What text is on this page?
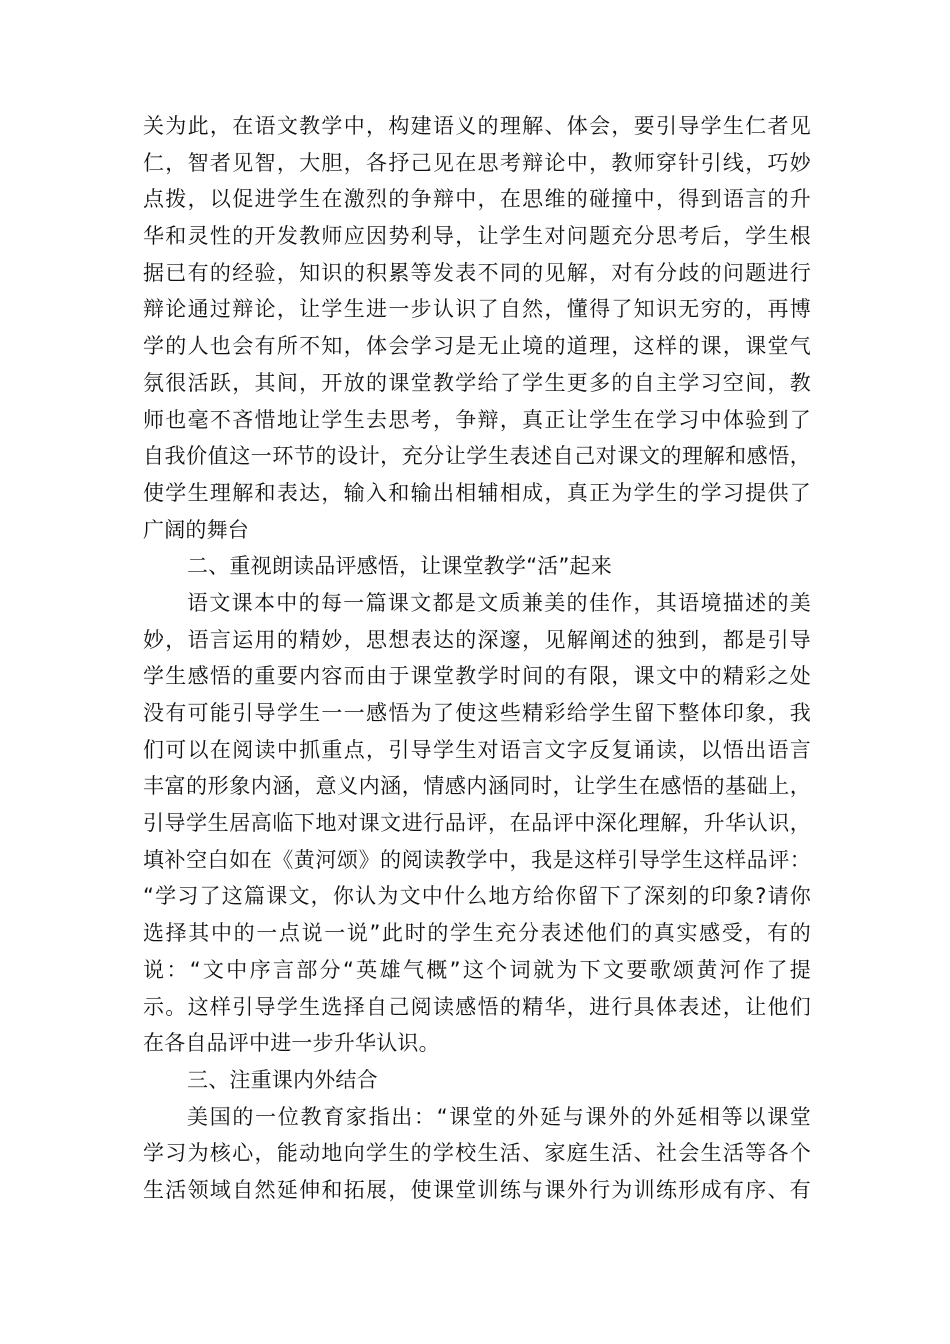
关为此，在语文教学中，构建语义的理解、体会，要引导学生仁者见
仁，智者见智，大胆，各抒己见在思考辩论中，教师穿针引线，巧妙
点拨，以促进学生在激烈的争辩中，在思维的碰撞中，得到语言的升
华和灵性的开发教师应因势利导，让学生对问题充分思考后，学生根
据已有的经验，知识的积累等发表不同的见解，对有分歧的问题进行
辩论通过辩论，让学生进一步认识了自然，懂得了知识无穷的，再博
学的人也会有所不知，体会学习是无止境的道理，这样的课，课堂气
氛很活跃，其间，开放的课堂教学给了学生更多的自主学习空间，教
师也毫不吝惜地让学生去思考，争辩，真正让学生在学习中体验到了
自我价值这一环节的设计，充分让学生表述自己对课文的理解和感悟，
使学生理解和表达，输入和输出相辅相成，真正为学生的学习提供了
广阔的舞台
二、重视朗读品评感悟，让课堂教学“活”起来
语文课本中的每一篇课文都是文质兼美的佳作，其语境描述的美
妙，语言运用的精妙，思想表达的深邃，见解阐述的独到，都是引导
学生感悟的重要内容而由于课堂教学时间的有限，课文中的精彩之处
没有可能引导学生一一感悟为了使这些精彩给学生留下整体印象，我
们可以在阅读中抓重点，引导学生对语言文字反复诵读，以悟出语言
丰富的形象内涵，意义内涵，情感内涵同时，让学生在感悟的基础上，
引导学生居高临下地对课文进行品评，在品评中深化理解，升华认识，
填补空白如在《黄河颂》的阅读教学中，我是这样引导学生这样品评：
“学习了这篇课文，你认为文中什么地方给你留下了深刻的印象?请你
选择其中的一点说一说”此时的学生充分表述他们的真实感受，有的
说：“文中序言部分“英雄气概”这个词就为下文要歌颂黄河作了提
示。这样引导学生选择自己阅读感悟的精华，进行具体表述，让他们
在各自品评中进一步升华认识。
三、注重课内外结合
美国的一位教育家指出：“课堂的外延与课外的外延相等以课堂
学习为核心，能动地向学生的学校生活、家庭生活、社会生活等各个
生活领域自然延伸和拓展，使课堂训练与课外行为训练形成有序、有
